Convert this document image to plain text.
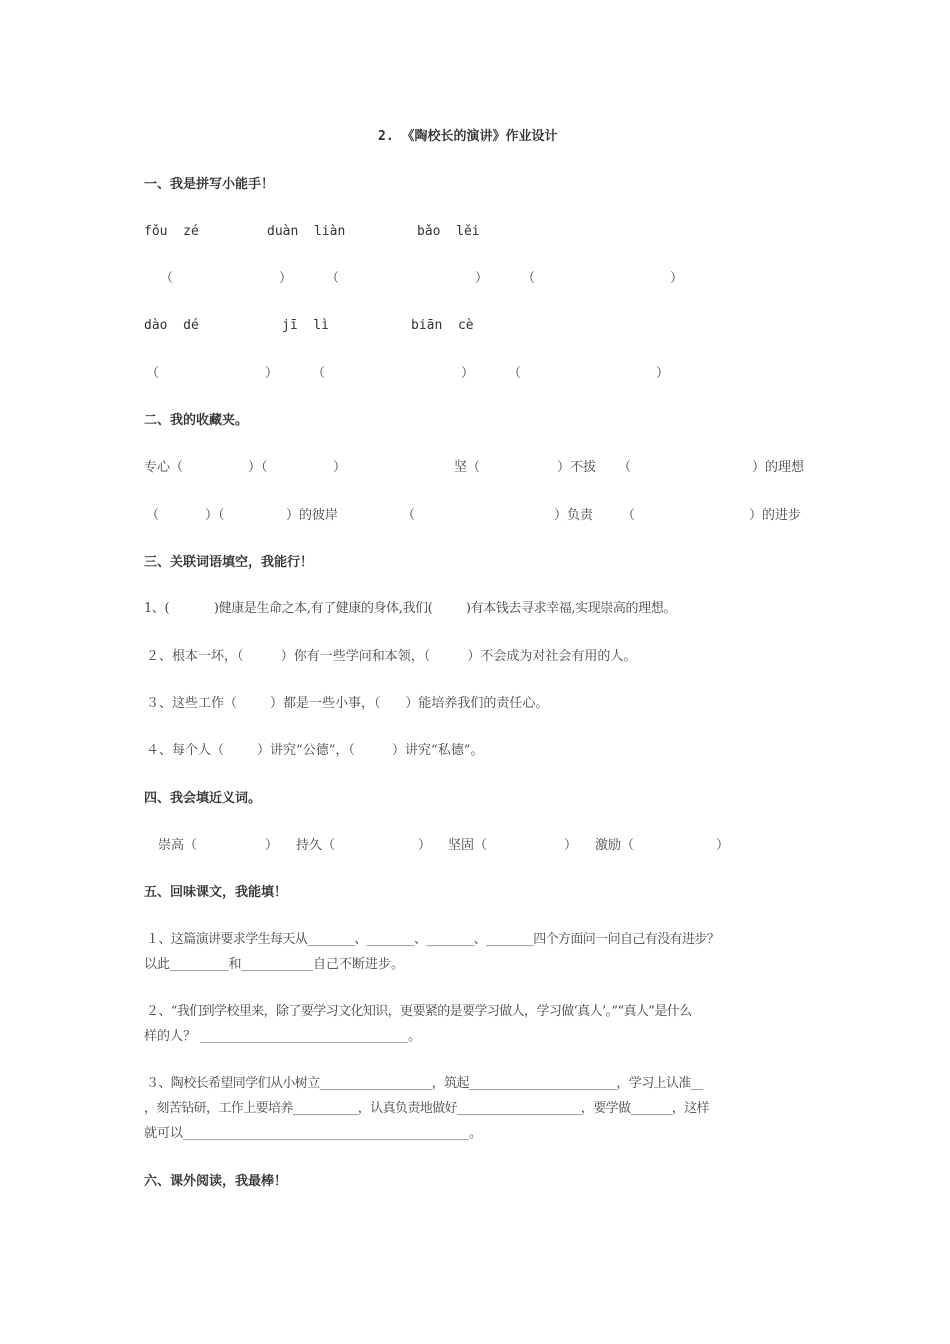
2. 《陶校长的演讲》作业设计
一、我是拼写小能手！
fǒu  zé	duàn  liàn	bǎo  lěi
（	）	（	）	（	）
dào  dé	jī  lì	biān  cè
（	）	（	）	（	）
二、我的收藏夹。
专心（	）（	）	坚（	）不拔 （	）的理想
（	）（	）的彼岸	（	）负责 （	）的进步
三、关联词语填空，我能行！
1、(            )健康是生命之本,有了健康的身体,我们(         )有本钱去寻求幸福,实现崇高的理想。
２、根本一坏，（         ）你有一些学问和本领，（         ）不会成为对社会有用的人。
３、这些工作（        ）都是一些小事，（      ）能培养我们的责任心。
４、每个人（        ）讲究“公德”，（         ）讲究“私德”。
四、我会填近义词。
崇高（	） 持久（	） 坚固（	） 激励（	）
五、回味课文，我能填！
１、这篇演讲要求学生每天从________、________、________、________四个方面问一问自己有没有进步？
以此_________和___________自己不断进步。
２、“我们到学校里来，除了要学习文化知识，更要紧的是要学习做人，学习做‘真人’。”“真人”是什么
样的人？ ________________________________。
３、陶校长希望同学们从小树立___________________，筑起_________________________，学习上认准__
，刻苦钻研，工作上要培养___________，认真负责地做好_____________________，要学做_______，这样
就可以____________________________________________。
六、课外阅读，我最棒！
